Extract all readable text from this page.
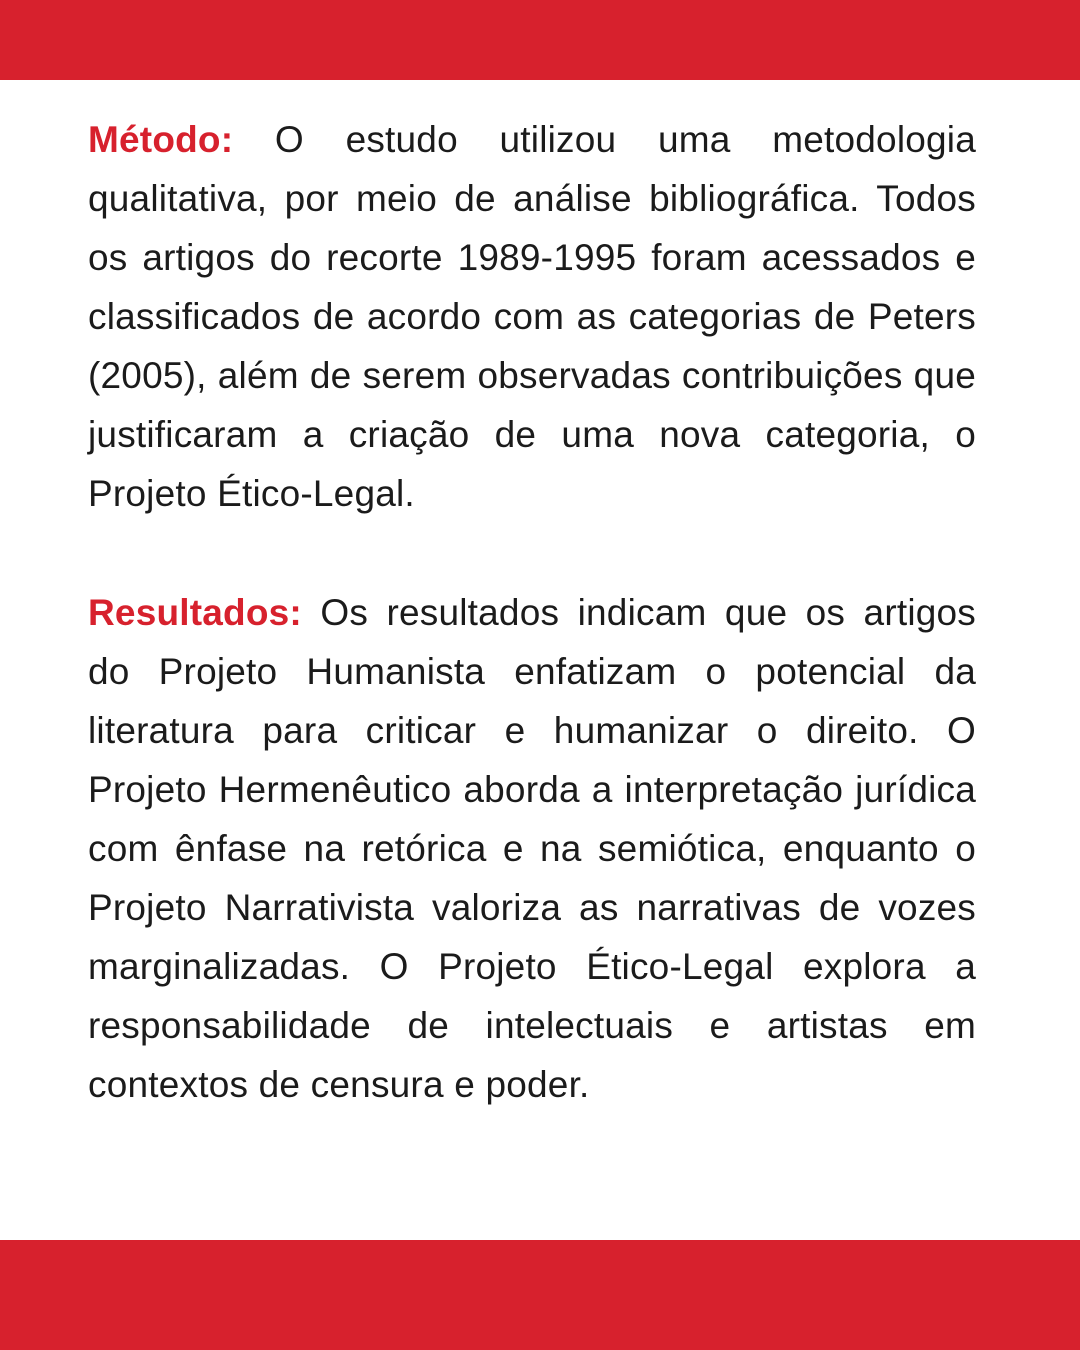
Método: O estudo utilizou uma metodologia qualitativa, por meio de análise bibliográfica. Todos os artigos do recorte 1989-1995 foram acessados e classificados de acordo com as categorias de Peters (2005), além de serem observadas contribuições que justificaram a criação de uma nova categoria, o Projeto Ético-Legal.

Resultados: Os resultados indicam que os artigos do Projeto Humanista enfatizam o potencial da literatura para criticar e humanizar o direito. O Projeto Hermenêutico aborda a interpretação jurídica com ênfase na retórica e na semiótica, enquanto o Projeto Narrativista valoriza as narrativas de vozes marginalizadas. O Projeto Ético-Legal explora a responsabilidade de intelectuais e artistas em contextos de censura e poder.
